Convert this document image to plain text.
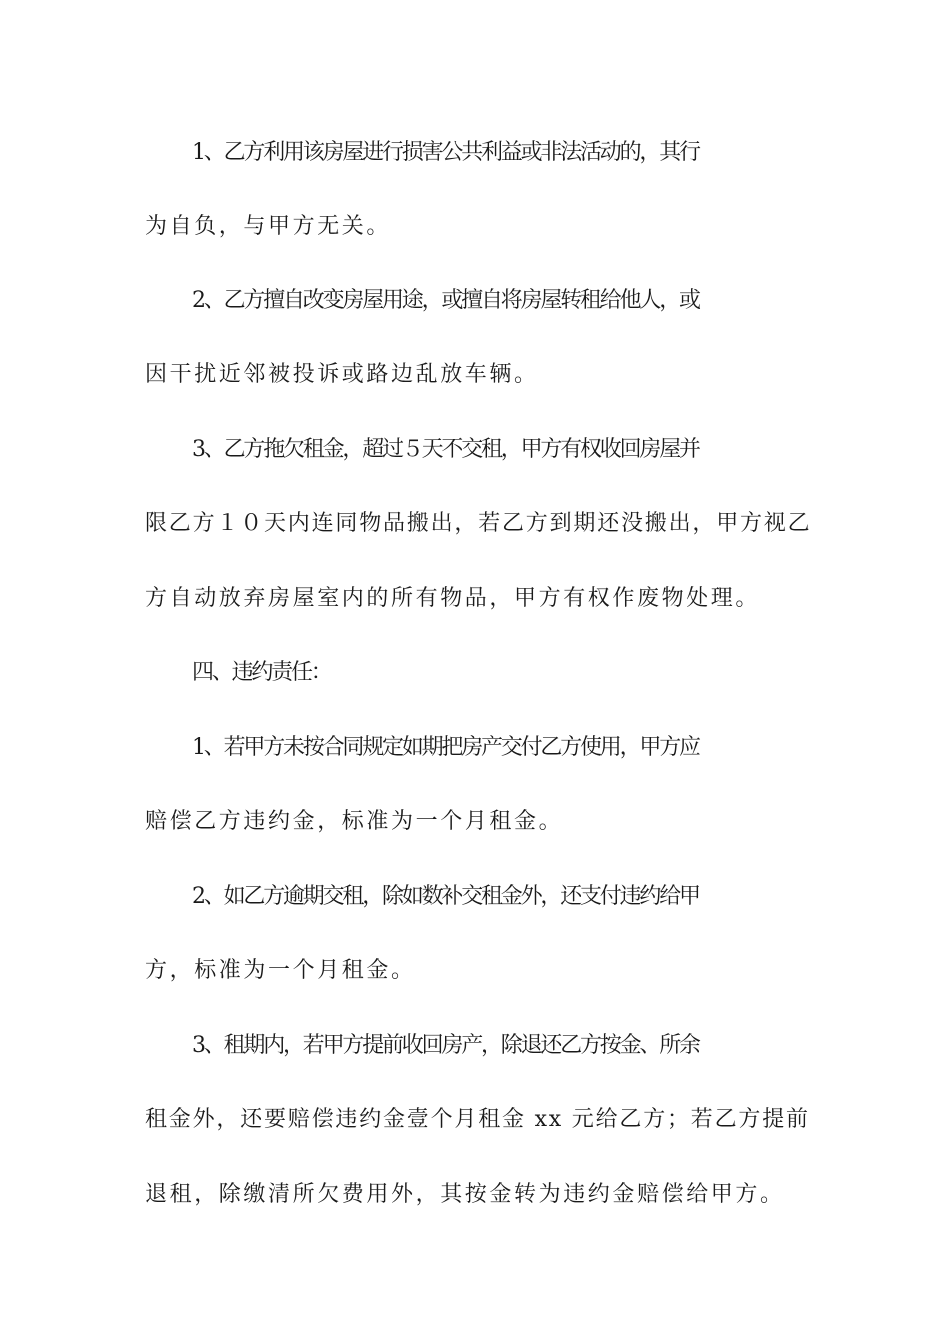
1、乙方利用该房屋进行损害公共利益或非法活动的，其行
为自负，与甲方无关。
2、乙方擅自改变房屋用途，或擅自将房屋转租给他人，或
因干扰近邻被投诉或路边乱放车辆。
3、乙方拖欠租金，超过５天不交租，甲方有权收回房屋并
限乙方１０天内连同物品搬出，若乙方到期还没搬出，甲方视乙
方自动放弃房屋室内的所有物品，甲方有权作废物处理。
四、违约责任：
1、若甲方未按合同规定如期把房产交付乙方使用，甲方应
赔偿乙方违约金，标准为一个月租金。
2、如乙方逾期交租，除如数补交租金外，还支付违约给甲
方，标准为一个月租金。
3、租期内，若甲方提前收回房产，除退还乙方按金、所余
租金外，还要赔偿违约金壹个月租金 xx 元给乙方；若乙方提前
退租，除缴清所欠费用外，其按金转为违约金赔偿给甲方。
